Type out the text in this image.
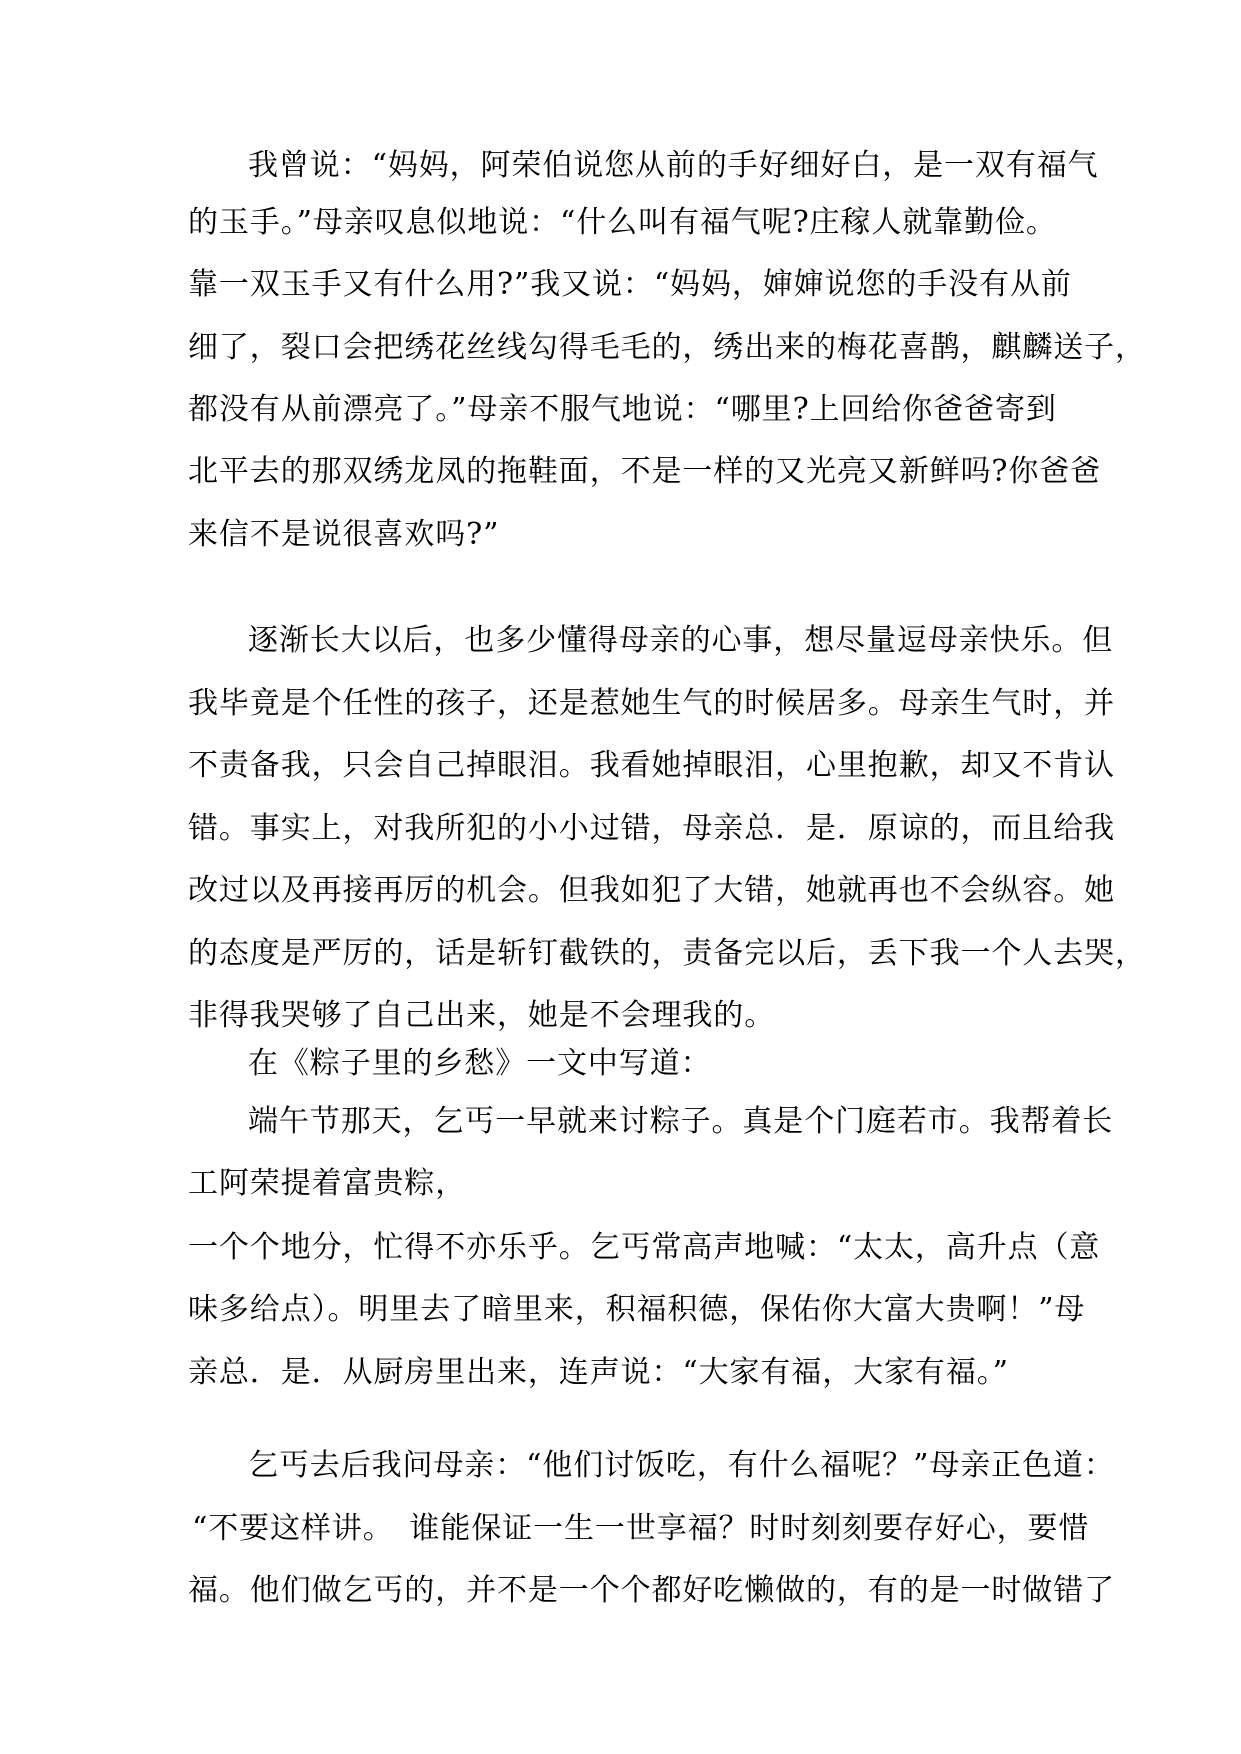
我曾说：“妈妈，阿荣伯说您从前的手好细好白，是一双有福气
的玉手。”母亲叹息似地说：“什么叫有福气呢?庄稼人就靠勤俭。
靠一双玉手又有什么用?”我又说：“妈妈，婶婶说您的手没有从前
细了，裂口会把绣花丝线勾得毛毛的，绣出来的梅花喜鹊，麒麟送子，
都没有从前漂亮了。”母亲不服气地说：“哪里?上回给你爸爸寄到
北平去的那双绣龙凤的拖鞋面，不是一样的又光亮又新鲜吗?你爸爸
来信不是说很喜欢吗?”
逐渐长大以后，也多少懂得母亲的心事，想尽量逗母亲快乐。但
我毕竟是个任性的孩子，还是惹她生气的时候居多。母亲生气时，并
不责备我，只会自己掉眼泪。我看她掉眼泪，心里抱歉，却又不肯认
错。事实上，对我所犯的小小过错，母亲总．是．原谅的，而且给我
改过以及再接再厉的机会。但我如犯了大错，她就再也不会纵容。她
的态度是严厉的，话是斩钉截铁的，责备完以后，丢下我一个人去哭，
非得我哭够了自己出来，她是不会理我的。
在《粽子里的乡愁》一文中写道：
端午节那天，乞丐一早就来讨粽子。真是个门庭若市。我帮着长
工阿荣提着富贵粽，
一个个地分，忙得不亦乐乎。乞丐常高声地喊：“太太，高升点（意
味多给点）。明里去了暗里来，积福积德，保佑你大富大贵啊！”母
亲总．是．从厨房里出来，连声说：“大家有福，大家有福。”
乞丐去后我问母亲：“他们讨饭吃，有什么福呢？”母亲正色道：
“不要这样讲。　谁能保证一生一世享福？时时刻刻要存好心，要惜
福。他们做乞丐的，并不是一个个都好吃懒做的，有的是一时做错了
